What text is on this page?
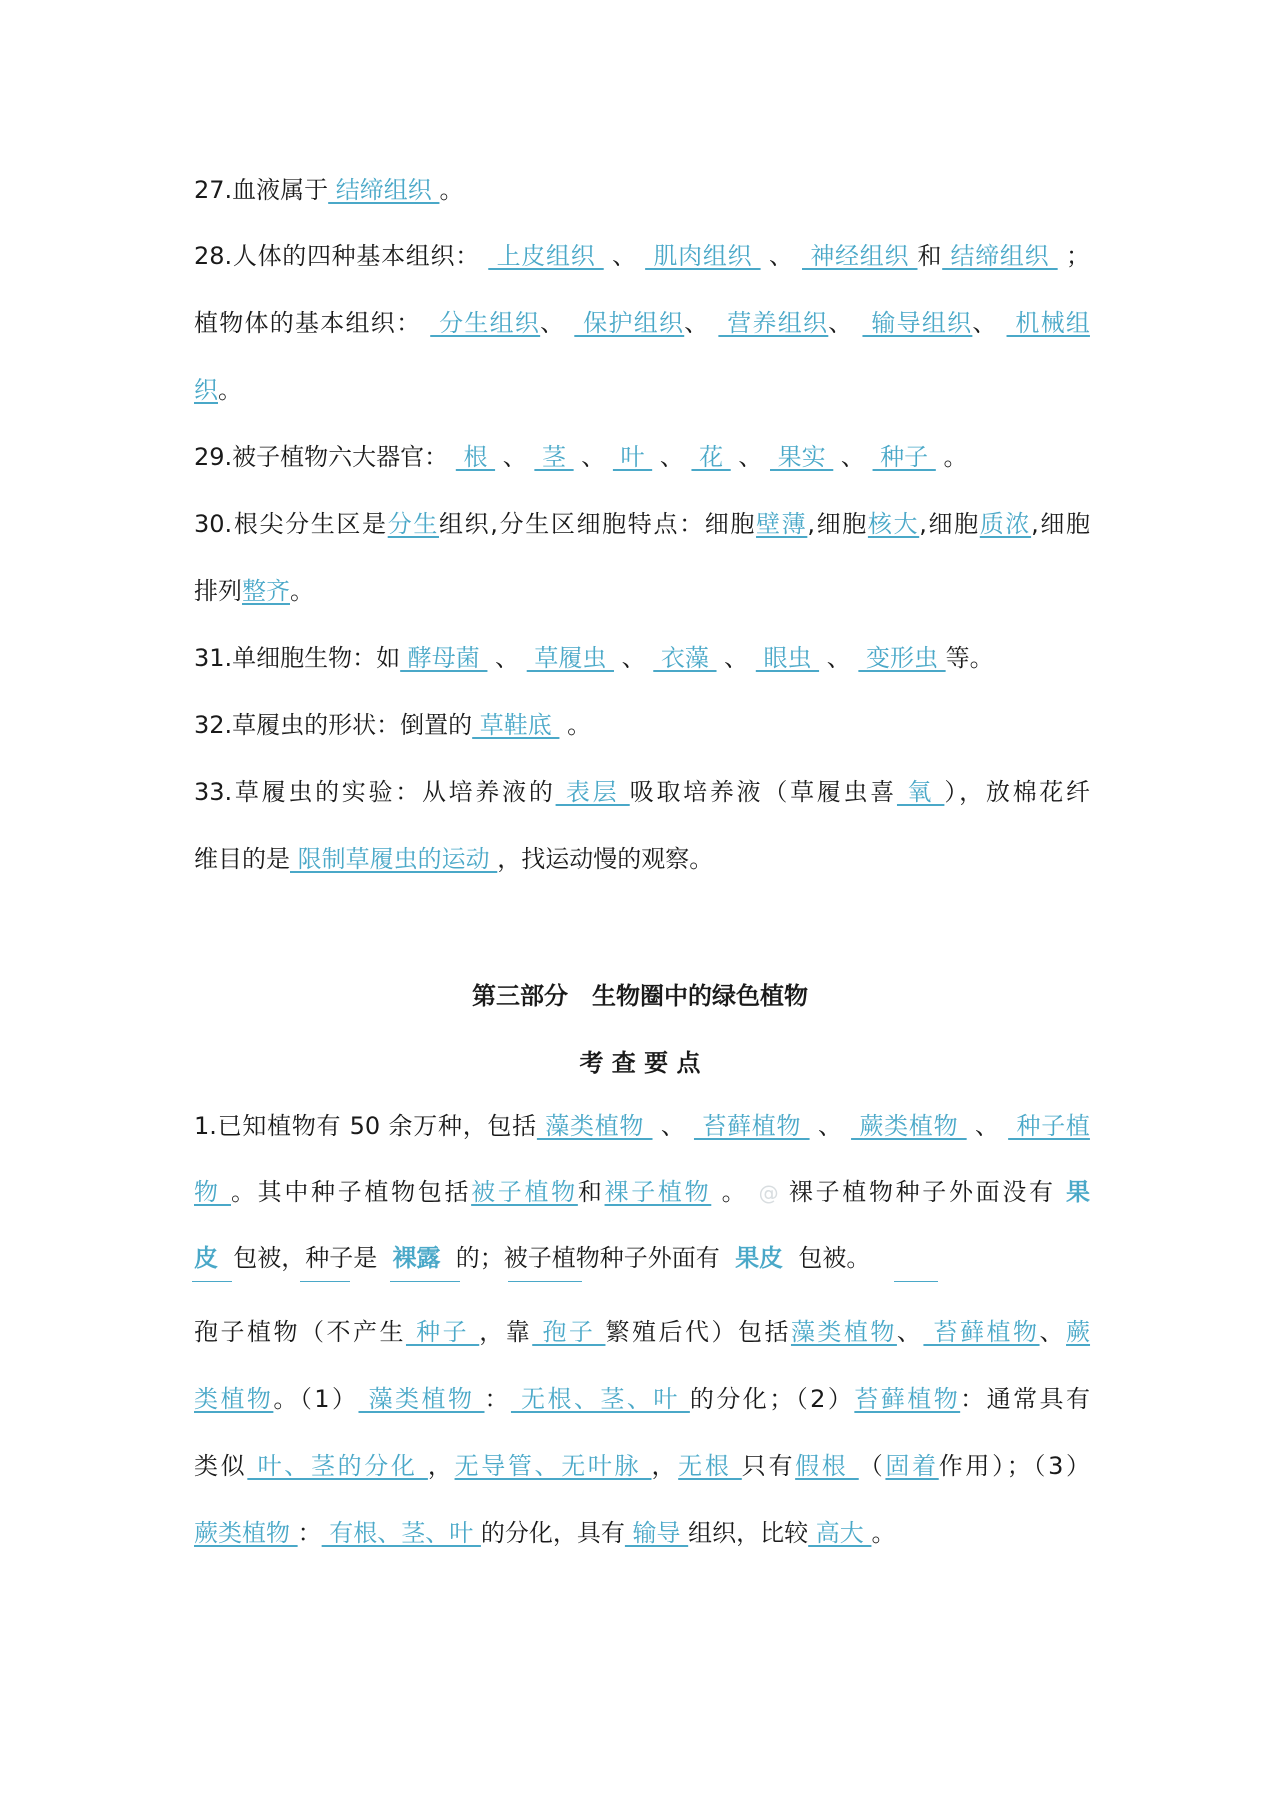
27.血液属于 结缔组织 。
28.人体的四种基本组织：  上皮组织  、  肌肉组织  、  神经组织 和 结缔组织  ；
植物体的基本组织：  分生组织、  保护组织、  营养组织、  输导组织、  机械组
织。
29.被子植物六大器官：  根  、  茎  、  叶  、  花  、  果实  、  种子  。
30.根尖分生区是分生组织,分生区细胞特点：细胞壁薄,细胞核大,细胞质浓,细胞
排列整齐。
31.单细胞生物：如 酵母菌  、  草履虫  、  衣藻  、  眼虫  、  变形虫 等。
32.草履虫的形状：倒置的 草鞋底  。
33.草履虫的实验：从培养液的 表层 吸取培养液（草履虫喜 氧 ），放棉花纤
维目的是 限制草履虫的运动 ，找运动慢的观察。
第三部分　生物圈中的绿色植物
考 查 要 点
1.已知植物有 50 余万种，包括 藻类植物  、  苔藓植物  、  蕨类植物  、  种子植
物 。其中种子植物包括被子植物和裸子植物 。 @ 裸子植物种子外面没有 果
皮 包被，种子是 裸露 的；被子植物种子外面有 果皮 包被。
孢子植物（不产生 种子 ，靠 孢子 繁殖后代）包括藻类植物、 苔藓植物、蕨
类植物。（1） 藻类植物 ： 无根、茎、叶 的分化；（2）苔藓植物：通常具有
类似 叶、茎的分化 ，无导管、无叶脉 ，无根 只有假根 （固着作用）；（3）
蕨类植物 ： 有根、茎、叶 的分化，具有 输导 组织，比较 高大 。
